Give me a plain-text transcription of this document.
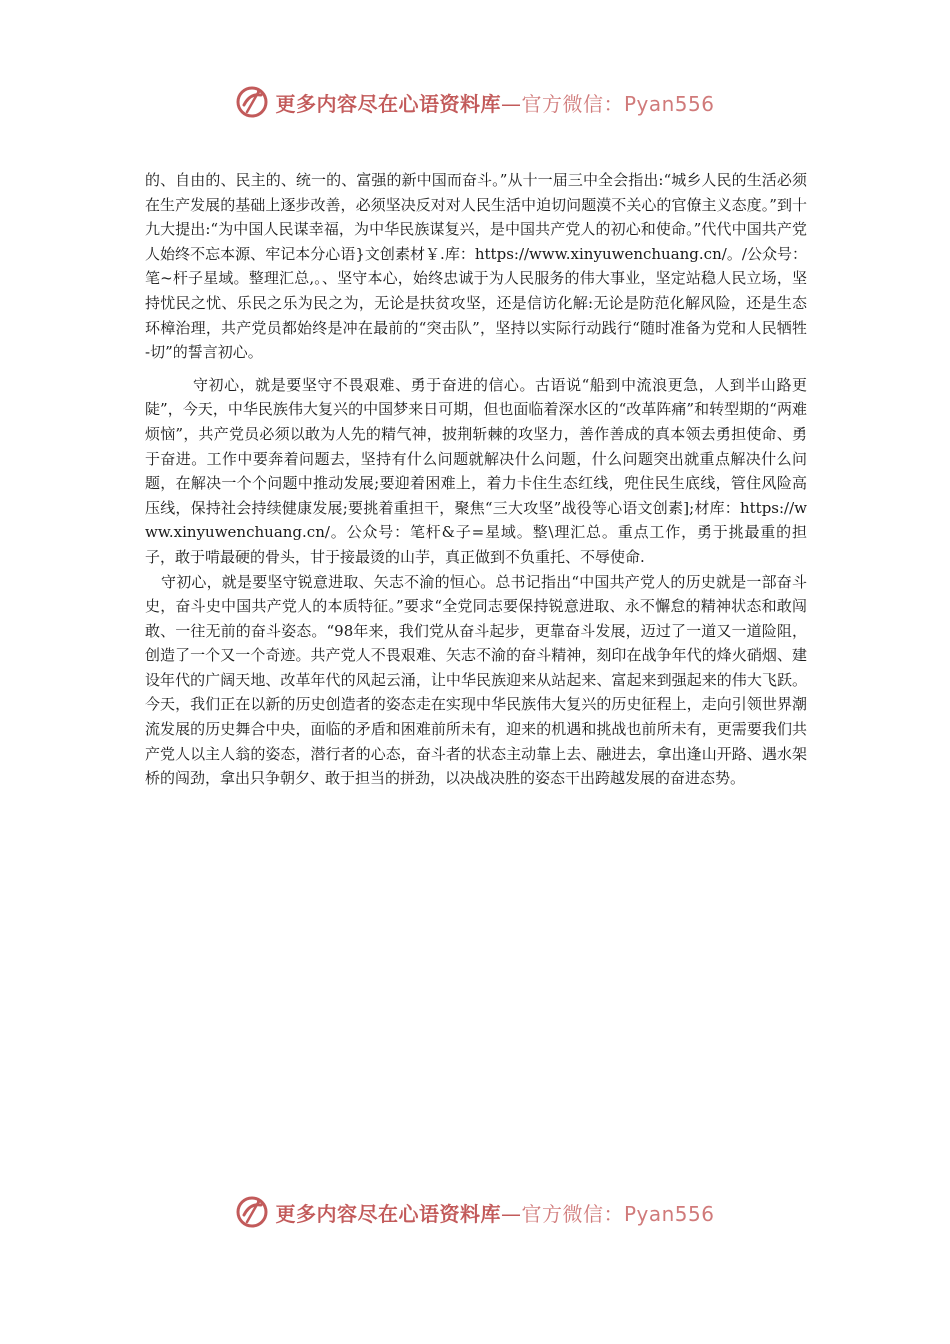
更多内容尽在心语资料库—官方微信：Pyan556

的、自由的、民主的、统一的、富强的新中国而奋斗。”从十一届三中全会指出:“城乡人民的生活必须在生产发展的基础上逐步改善，必须坚决反对对人民生活中迫切问题漠不关心的官僚主义态度。”到十九大提出:“为中国人民谋幸福，为中华民族谋复兴，是中国共产党人的初心和使命。”代代中国共产党人始终不忘本源、牢记本分心语}文创素材￥.库：https://www.xinyuwenchuang.cn/。/公众号：笔~杆子星域。整理汇总,。、坚守本心，始终忠诚于为人民服务的伟大事业，坚定站稳人民立场，坚持忧民之忧、乐民之乐为民之为，无论是扶贫攻坚，还是信访化解:无论是防范化解风险，还是生态环樟治理，共产党员都始终是冲在最前的“突击队”，坚持以实际行动践行“随时准备为党和人民牺牲 -切”的誓言初心。

守初心，就是要坚守不畏艰难、勇于奋进的信心。古语说“船到中流浪更急，人到半山路更陡”，今天，中华民族伟大复兴的中国梦来日可期，但也面临着深水区的“改革阵痛”和转型期的“两难烦恼”，共产党员必须以敢为人先的精气神，披荆斩棘的攻坚力，善作善成的真本领去勇担使命、勇于奋进。工作中要奔着问题去，坚持有什么问题就解决什么问题，什么问题突出就重点解决什么问题，在解决一个个问题中推动发展;要迎着困难上，着力卡住生态红线，兜住民生底线，管住风险高压线，保持社会持续健康发展;要挑着重担干，聚焦“三大攻坚”战役等心语文创素];材库：https://www.xinyuwenchuang.cn/。公众号：笔杆&子=星域。整\理汇总。重点工作，勇于挑最重的担子，敢于啃最硬的骨头，甘于接最烫的山芋，真正做到不负重托、不辱使命.

守初心，就是要坚守锐意进取、矢志不渝的恒心。总书记指出“中国共产党人的历史就是一部奋斗史，奋斗史中国共产党人的本质特征。”要求“全党同志要保持锐意进取、永不懈怠的精神状态和敢闯敢、一往无前的奋斗姿态。“98年来，我们党从奋斗起步，更靠奋斗发展，迈过了一道又一道险阻，创造了一个又一个奇迹。共产党人不畏艰难、矢志不渝的奋斗精神，刻印在战争年代的烽火硝烟、建设年代的广阔天地、改革年代的风起云涌，让中华民族迎来从站起来、富起来到强起来的伟大飞跃。今天，我们正在以新的历史创造者的姿态走在实现中华民族伟大复兴的历史征程上，走向引领世界潮流发展的历史舞合中央，面临的矛盾和困难前所未有，迎来的机遇和挑战也前所未有，更需要我们共产党人以主人翁的姿态，潜行者的心态，奋斗者的状态主动靠上去、融进去，拿出逢山开路、遇水架桥的闯劲，拿出只争朝夕、敢于担当的拼劲，以决战决胜的姿态干出跨越发展的奋进态势。

更多内容尽在心语资料库—官方微信：Pyan556
